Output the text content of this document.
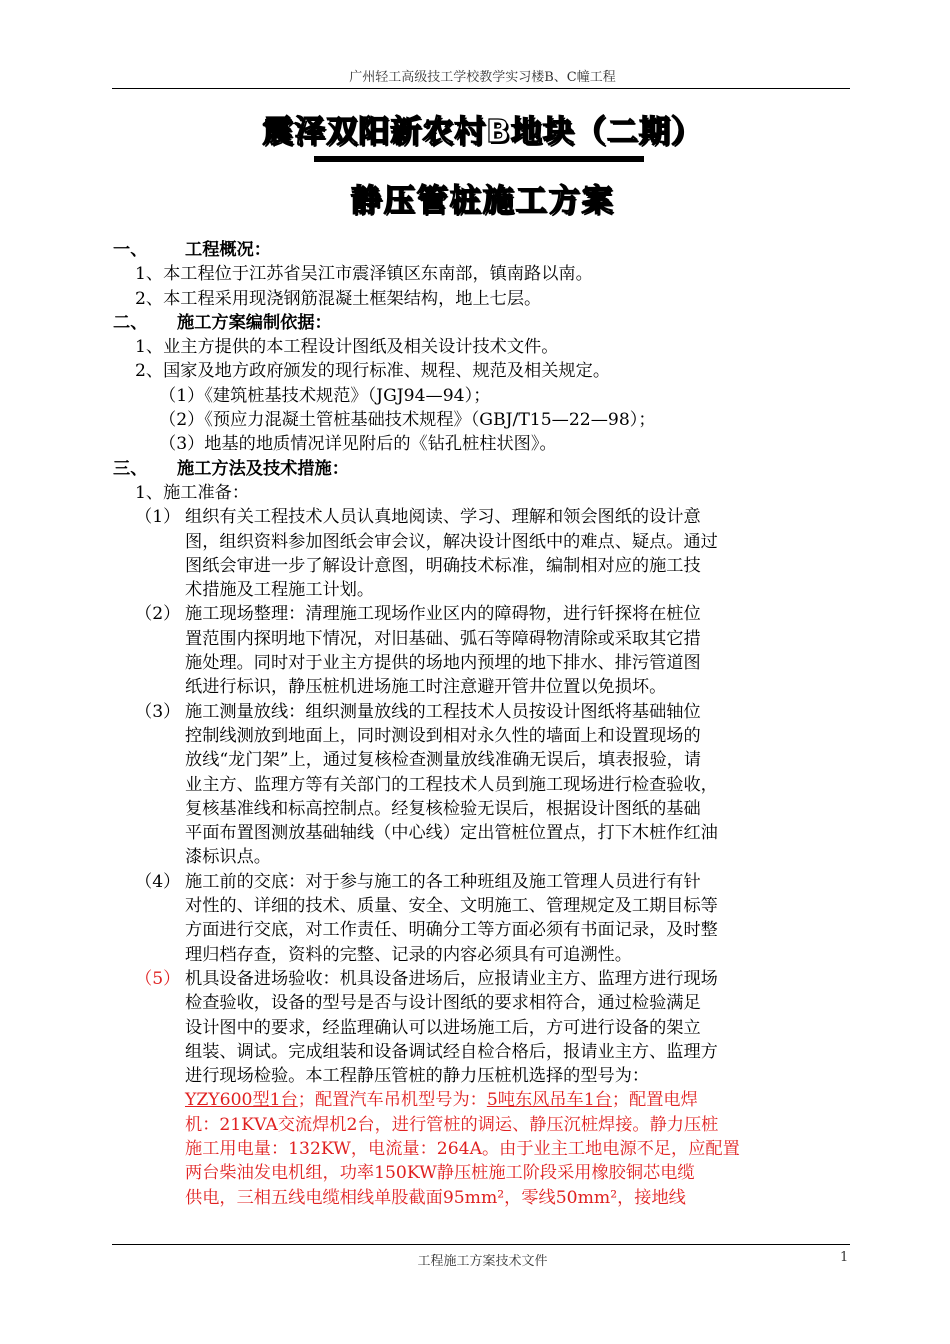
广州轻工高级技工学校教学实习楼B、C幢工程
震泽双阳新农村B地块（二期）
静压管桩施工方案
一、 工程概况：
1、本工程位于江苏省吴江市震泽镇区东南部，镇南路以南。
2、本工程采用现浇钢筋混凝土框架结构，地上七层。
二、 施工方案编制依据：
1、业主方提供的本工程设计图纸及相关设计技术文件。
2、国家及地方政府颁发的现行标准、规程、规范及相关规定。
（1）《建筑桩基技术规范》（JGJ94—94）；
（2）《预应力混凝土管桩基础技术规程》（GBJ/T15—22—98）；
（3）地基的地质情况详见附后的《钻孔桩柱状图》。
三、 施工方法及技术措施：
1、施工准备：
（1） 组织有关工程技术人员认真地阅读、学习、理解和领会图纸的设计意
图，组织资料参加图纸会审会议，解决设计图纸中的难点、疑点。通过
图纸会审进一步了解设计意图，明确技术标准，编制相对应的施工技
术措施及工程施工计划。
（2） 施工现场整理：清理施工现场作业区内的障碍物，进行钎探将在桩位
置范围内探明地下情况，对旧基础、弧石等障碍物清除或采取其它措
施处理。同时对于业主方提供的场地内预埋的地下排水、排污管道图
纸进行标识，静压桩机进场施工时注意避开管井位置以免损坏。
（3） 施工测量放线：组织测量放线的工程技术人员按设计图纸将基础轴位
控制线测放到地面上，同时测设到相对永久性的墙面上和设置现场的
放线“龙门架”上，通过复核检查测量放线准确无误后，填表报验，请
业主方、监理方等有关部门的工程技术人员到施工现场进行检查验收，
复核基准线和标高控制点。经复核检验无误后，根据设计图纸的基础
平面布置图测放基础轴线（中心线）定出管桩位置点，打下木桩作红油
漆标识点。
（4） 施工前的交底：对于参与施工的各工种班组及施工管理人员进行有针
对性的、详细的技术、质量、安全、文明施工、管理规定及工期目标等
方面进行交底，对工作责任、明确分工等方面必须有书面记录，及时整
理归档存查，资料的完整、记录的内容必须具有可追溯性。
（5） 机具设备进场验收：机具设备进场后，应报请业主方、监理方进行现场
检查验收，设备的型号是否与设计图纸的要求相符合，通过检验满足
设计图中的要求，经监理确认可以进场施工后，方可进行设备的架立
组装、调试。完成组装和设备调试经自检合格后，报请业主方、监理方
进行现场检验。本工程静压管桩的静力压桩机选择的型号为：
YZY600型1台；配置汽车吊机型号为：5吨东风吊车1台；配置电焊
机：21KVA交流焊机2台，进行管桩的调运、静压沉桩焊接。静力压桩
施工用电量：132KW，电流量：264A。由于业主工地电源不足，应配置
两台柴油发电机组，功率150KW静压桩施工阶段采用橡胶铜芯电缆
供电，三相五线电缆相线单股截面95mm²，零线50mm²，接地线
工程施工方案技术文件	1
